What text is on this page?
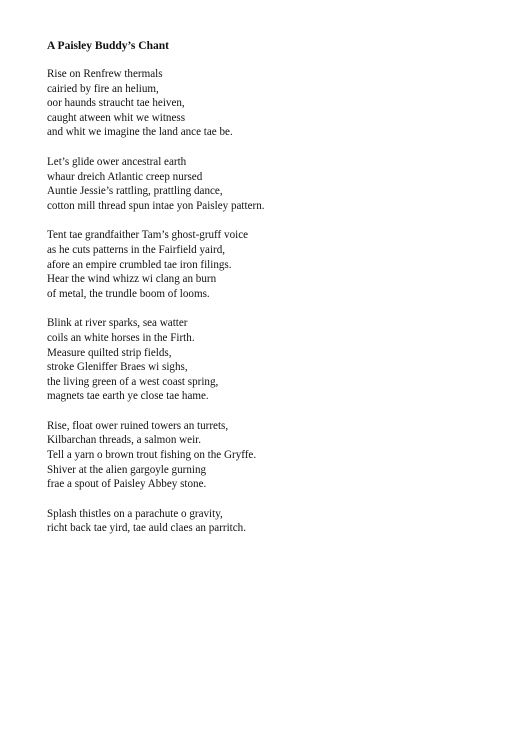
A Paisley Buddy’s Chant
Rise on Renfrew thermals
cairied by fire an helium,
oor haunds straucht tae heiven,
caught atween whit we witness
and whit we imagine the land ance tae be.
Let’s glide ower ancestral earth
whaur dreich Atlantic creep nursed
Auntie Jessie’s rattling, prattling dance,
cotton mill thread spun intae yon Paisley pattern.
Tent tae grandfaither Tam’s ghost-gruff voice
as he cuts patterns in the Fairfield yaird,
afore an empire crumbled tae iron filings.
Hear the wind whizz wi clang an burn
of metal, the trundle boom of looms.
Blink at river sparks, sea watter
coils an white horses in the Firth.
Measure quilted strip fields,
stroke Gleniffer Braes wi sighs,
the living green of a west coast spring,
magnets tae earth ye close tae hame.
Rise, float ower ruined towers an turrets,
Kilbarchan threads, a salmon weir.
Tell a yarn o brown trout fishing on the Gryffe.
Shiver at the alien gargoyle gurning
frae a spout of Paisley Abbey stone.
Splash thistles on a parachute o gravity,
richt back tae yird, tae auld claes an parritch.
